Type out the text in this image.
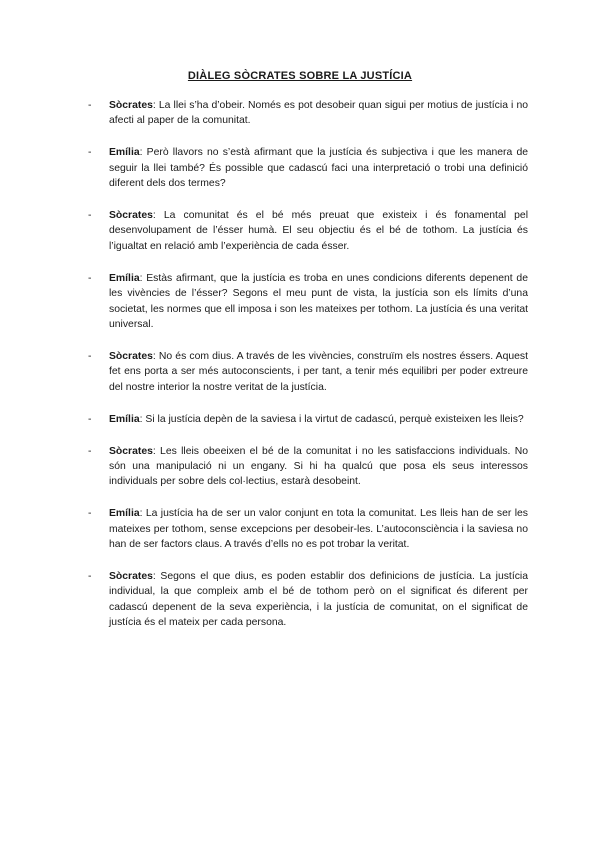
DIÀLEG SÒCRATES SOBRE LA JUSTÍCIA
- Sòcrates: La llei s’ha d’obeir. Només es pot desobeir quan sigui per motius de justícia i no afecti al paper de la comunitat.
- Emília: Però llavors no s’està afirmant que la justícia és subjectiva i que les manera de seguir la llei també? És possible que cadascú faci una interpretació o trobi una definició diferent dels dos termes?
- Sòcrates: La comunitat és el bé més preuat que existeix i és fonamental pel desenvolupament de l’ésser humà. El seu objectiu és el bé de tothom. La justícia és l’igualtat en relació amb l’experiència de cada ésser.
- Emília: Estàs afirmant, que la justícia es troba en unes condicions diferents depenent de les vivències de l’ésser? Segons el meu punt de vista, la justícia son els límits d’una societat, les normes que ell imposa i son les mateixes per tothom. La justícia és una veritat universal.
- Sòcrates: No és com dius. A través de les vivències, construïm els nostres éssers. Aquest fet ens porta a ser més autoconscients, i per tant, a tenir més equilibri per poder extreure del nostre interior la nostre veritat de la justícia.
- Emília: Si la justícia depèn de la saviesa i la virtut de cadascú, perquè existeixen les lleis?
- Sòcrates: Les lleis obeeixen el bé de la comunitat i no les satisfaccions individuals. No són una manipulació ni un engany. Si hi ha qualcú que posa els seus interessos individuals per sobre dels col·lectius, estarà desobeint.
- Emília: La justícia ha de ser un valor conjunt en tota la comunitat. Les lleis han de ser les mateixes per tothom, sense excepcions per desobeir-les. L’autoconsciència i la saviesa no han de ser factors claus. A través d’ells no es pot trobar la veritat.
- Sòcrates: Segons el que dius, es poden establir dos definicions de justícia. La justícia individual, la que compleix amb el bé de tothom però on el significat és diferent per cadascú depenent de la seva experiència, i la justícia de comunitat, on el significat de justícia és el mateix per cada persona.
